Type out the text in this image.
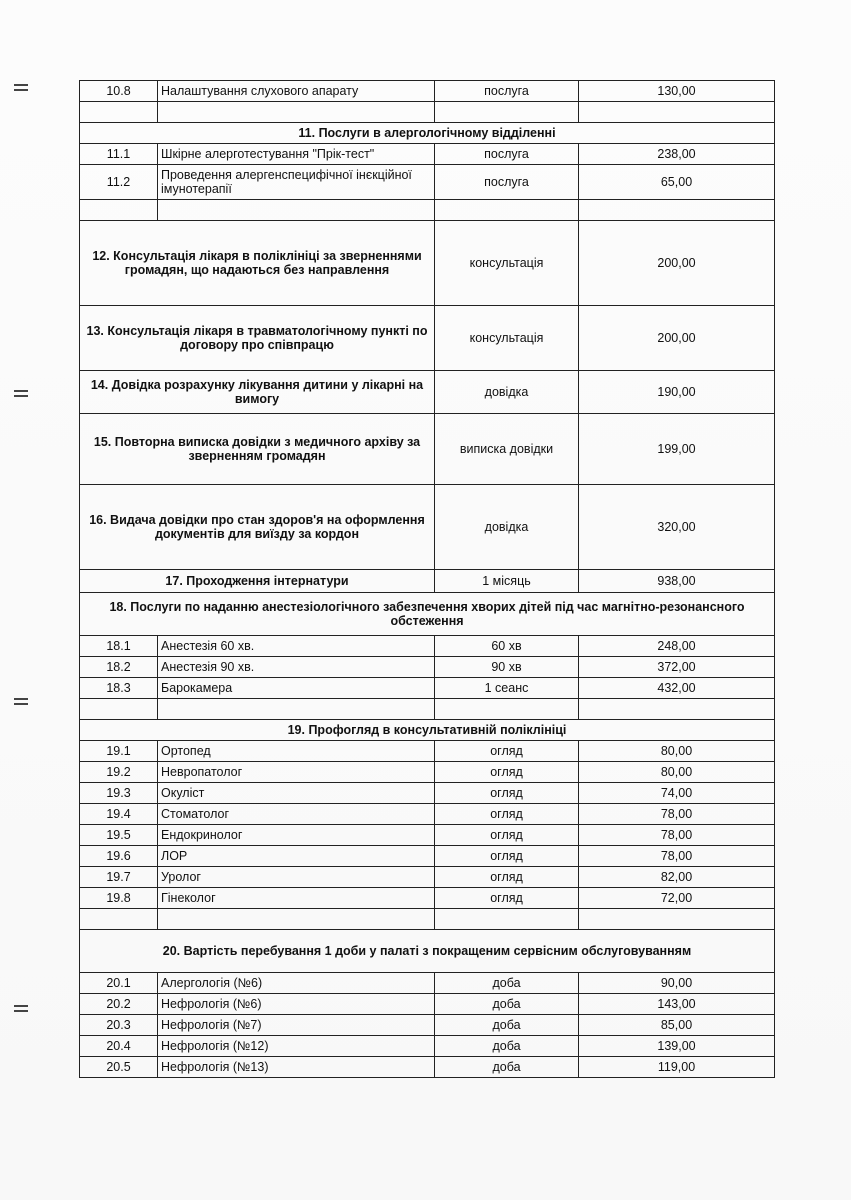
10.8	Налаштування слухового апарату	послуга	130,00

11. Послуги в алергологічному відділенні			
11.1	Шкірне алерготестування "Прік-тест"	послуга	238,00
11.2	Проведення алергенспецифічної інєкційної імунотерапії	послуга	65,00

12. Консультація лікаря в поліклініці за зверненнями громадян, що надаються без направлення		консультація	200,00
13. Консультація лікаря в травматологічному пункті по договору про співпрацю		консультація	200,00
14. Довідка розрахунку лікування дитини у лікарні на вимогу		довідка	190,00
15. Повторна виписка довідки з медичного архіву за зверненням громадян		виписка довідки	199,00
16. Видача довідки про стан здоров'я на оформлення документів для виїзду за кордон		довідка	320,00
17. Проходження інтернатури		1 місяць	938,00
18. Послуги по наданню анестезіологічного забезпечення хворих дітей під час магнітно-резонансного обстеження			
18.1	Анестезія 60 хв.	60 хв	248,00
18.2	Анестезія 90 хв.	90 хв	372,00
18.3	Барокамера	1 сеанс	432,00

19. Профогляд в консультативній поліклініці			
19.1	Ортопед	огляд	80,00
19.2	Невропатолог	огляд	80,00
19.3	Окуліст	огляд	74,00
19.4	Стоматолог	огляд	78,00
19.5	Ендокринолог	огляд	78,00
19.6	ЛОР	огляд	78,00
19.7	Уролог	огляд	82,00
19.8	Гінеколог	огляд	72,00

20. Вартість перебування 1 доби у палаті з покращеним сервісним обслуговуванням			
20.1	Алергологія (№6)	доба	90,00
20.2	Нефрологія (№6)	доба	143,00
20.3	Нефрологія (№7)	доба	85,00
20.4	Нефрологія (№12)	доба	139,00
20.5	Нефрологія (№13)	доба	119,00
